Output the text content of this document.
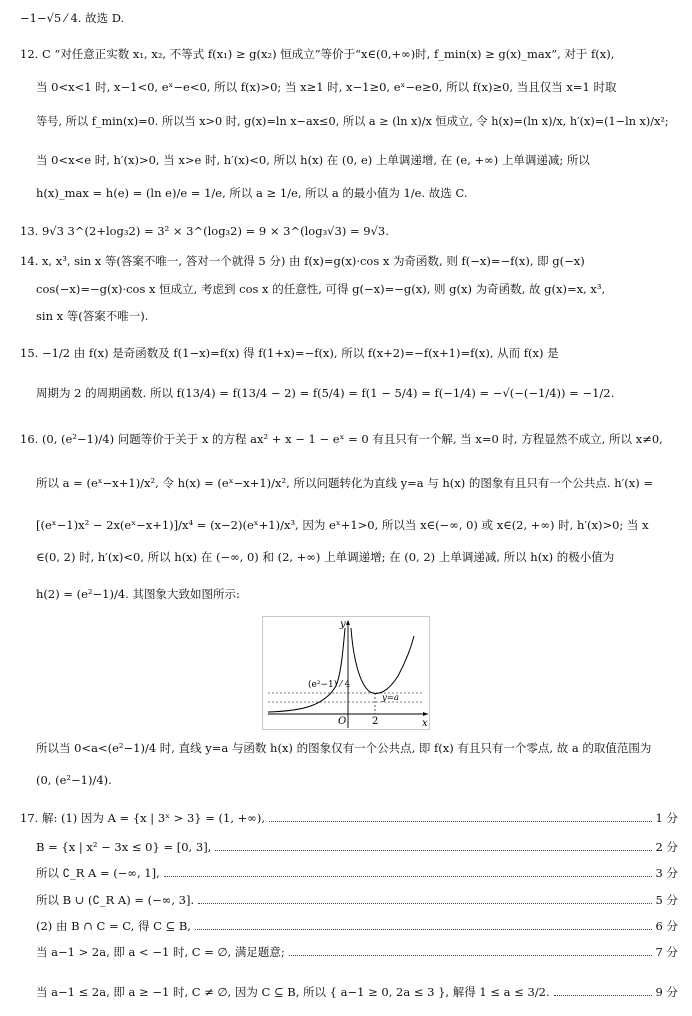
−1−√5 ⁄ 4. 故选 D.
12. C “对任意正实数 x₁, x₂, 不等式 f(x₁) ≥ g(x₂) 恒成立”等价于“x∈(0,+∞)时, f_min(x) ≥ g(x)_max”, 对于 f(x),
当 0<x<1 时, x−1<0, eˣ−e<0, 所以 f(x)>0; 当 x≥1 时, x−1≥0, eˣ−e≥0, 所以 f(x)≥0, 当且仅当 x=1 时取
等号, 所以 f_min(x)=0. 所以当 x>0 时, g(x)=ln x−ax≤0, 所以 a ≥ (ln x)/x 恒成立, 令 h(x)=(ln x)/x, h′(x)=(1−ln x)/x²;
当 0<x<e 时, h′(x)>0, 当 x>e 时, h′(x)<0, 所以 h(x) 在 (0, e) 上单调递增, 在 (e, +∞) 上单调递减; 所以
h(x)_max = h(e) = (ln e)/e = 1/e, 所以 a ≥ 1/e, 所以 a 的最小值为 1/e. 故选 C.
13. 9√3 3^(2+log₃2) = 3² × 3^(log₃2) = 9 × 3^(log₃√3) = 9√3.
14. x, x³, sin x 等(答案不唯一, 答对一个就得 5 分) 由 f(x)=g(x)·cos x 为奇函数, 则 f(−x)=−f(x), 即 g(−x)
cos(−x)=−g(x)·cos x 恒成立, 考虑到 cos x 的任意性, 可得 g(−x)=−g(x), 则 g(x) 为奇函数, 故 g(x)=x, x³,
sin x 等(答案不唯一).
15. −1/2 由 f(x) 是奇函数及 f(1−x)=f(x) 得 f(1+x)=−f(x), 所以 f(x+2)=−f(x+1)=f(x), 从而 f(x) 是
周期为 2 的周期函数. 所以 f(13/4) = f(13/4 − 2) = f(5/4) = f(1 − 5/4) = f(−1/4) = −√(−(−1/4)) = −1/2.
16. (0, (e²−1)/4) 问题等价于关于 x 的方程 ax² + x − 1 − eˣ = 0 有且只有一个解, 当 x=0 时, 方程显然不成立, 所以 x≠0,
所以 a = (eˣ−x+1)/x², 令 h(x) = (eˣ−x+1)/x², 所以问题转化为直线 y=a 与 h(x) 的图象有且只有一个公共点. h′(x) =
[(eˣ−1)x² − 2x(eˣ−x+1)]/x⁴ = (x−2)(eˣ+1)/x³, 因为 eˣ+1>0, 所以当 x∈(−∞, 0) 或 x∈(2, +∞) 时, h′(x)>0; 当 x
∈(0, 2) 时, h′(x)<0, 所以 h(x) 在 (−∞, 0) 和 (2, +∞) 上单调递增; 在 (0, 2) 上单调递减, 所以 h(x) 的极小值为
h(2) = (e²−1)/4. 其图象大致如图所示:
所以当 0<a<(e²−1)/4 时, 直线 y=a 与函数 h(x) 的图象仅有一个公共点, 即 f(x) 有且只有一个零点, 故 a 的取值范围为
(0, (e²−1)/4).
y
x
O	2
y=a
(e²−1) ⁄ 4
17. 解: (1) 因为 A = {x | 3ˣ > 3} = (1, +∞),	1 分
B = {x | x² − 3x ≤ 0} = [0, 3],	2 分
所以 ∁_R A = (−∞, 1],	3 分
所以 B ∪ (∁_R A) = (−∞, 3].	5 分
(2) 由 B ∩ C = C, 得 C ⊆ B,	6 分
当 a−1 > 2a, 即 a < −1 时, C = ∅, 满足题意;	7 分
当 a−1 ≤ 2a, 即 a ≥ −1 时, C ≠ ∅, 因为 C ⊆ B, 所以 { a−1 ≥ 0, 2a ≤ 3 }, 解得 1 ≤ a ≤ 3/2.	9 分
